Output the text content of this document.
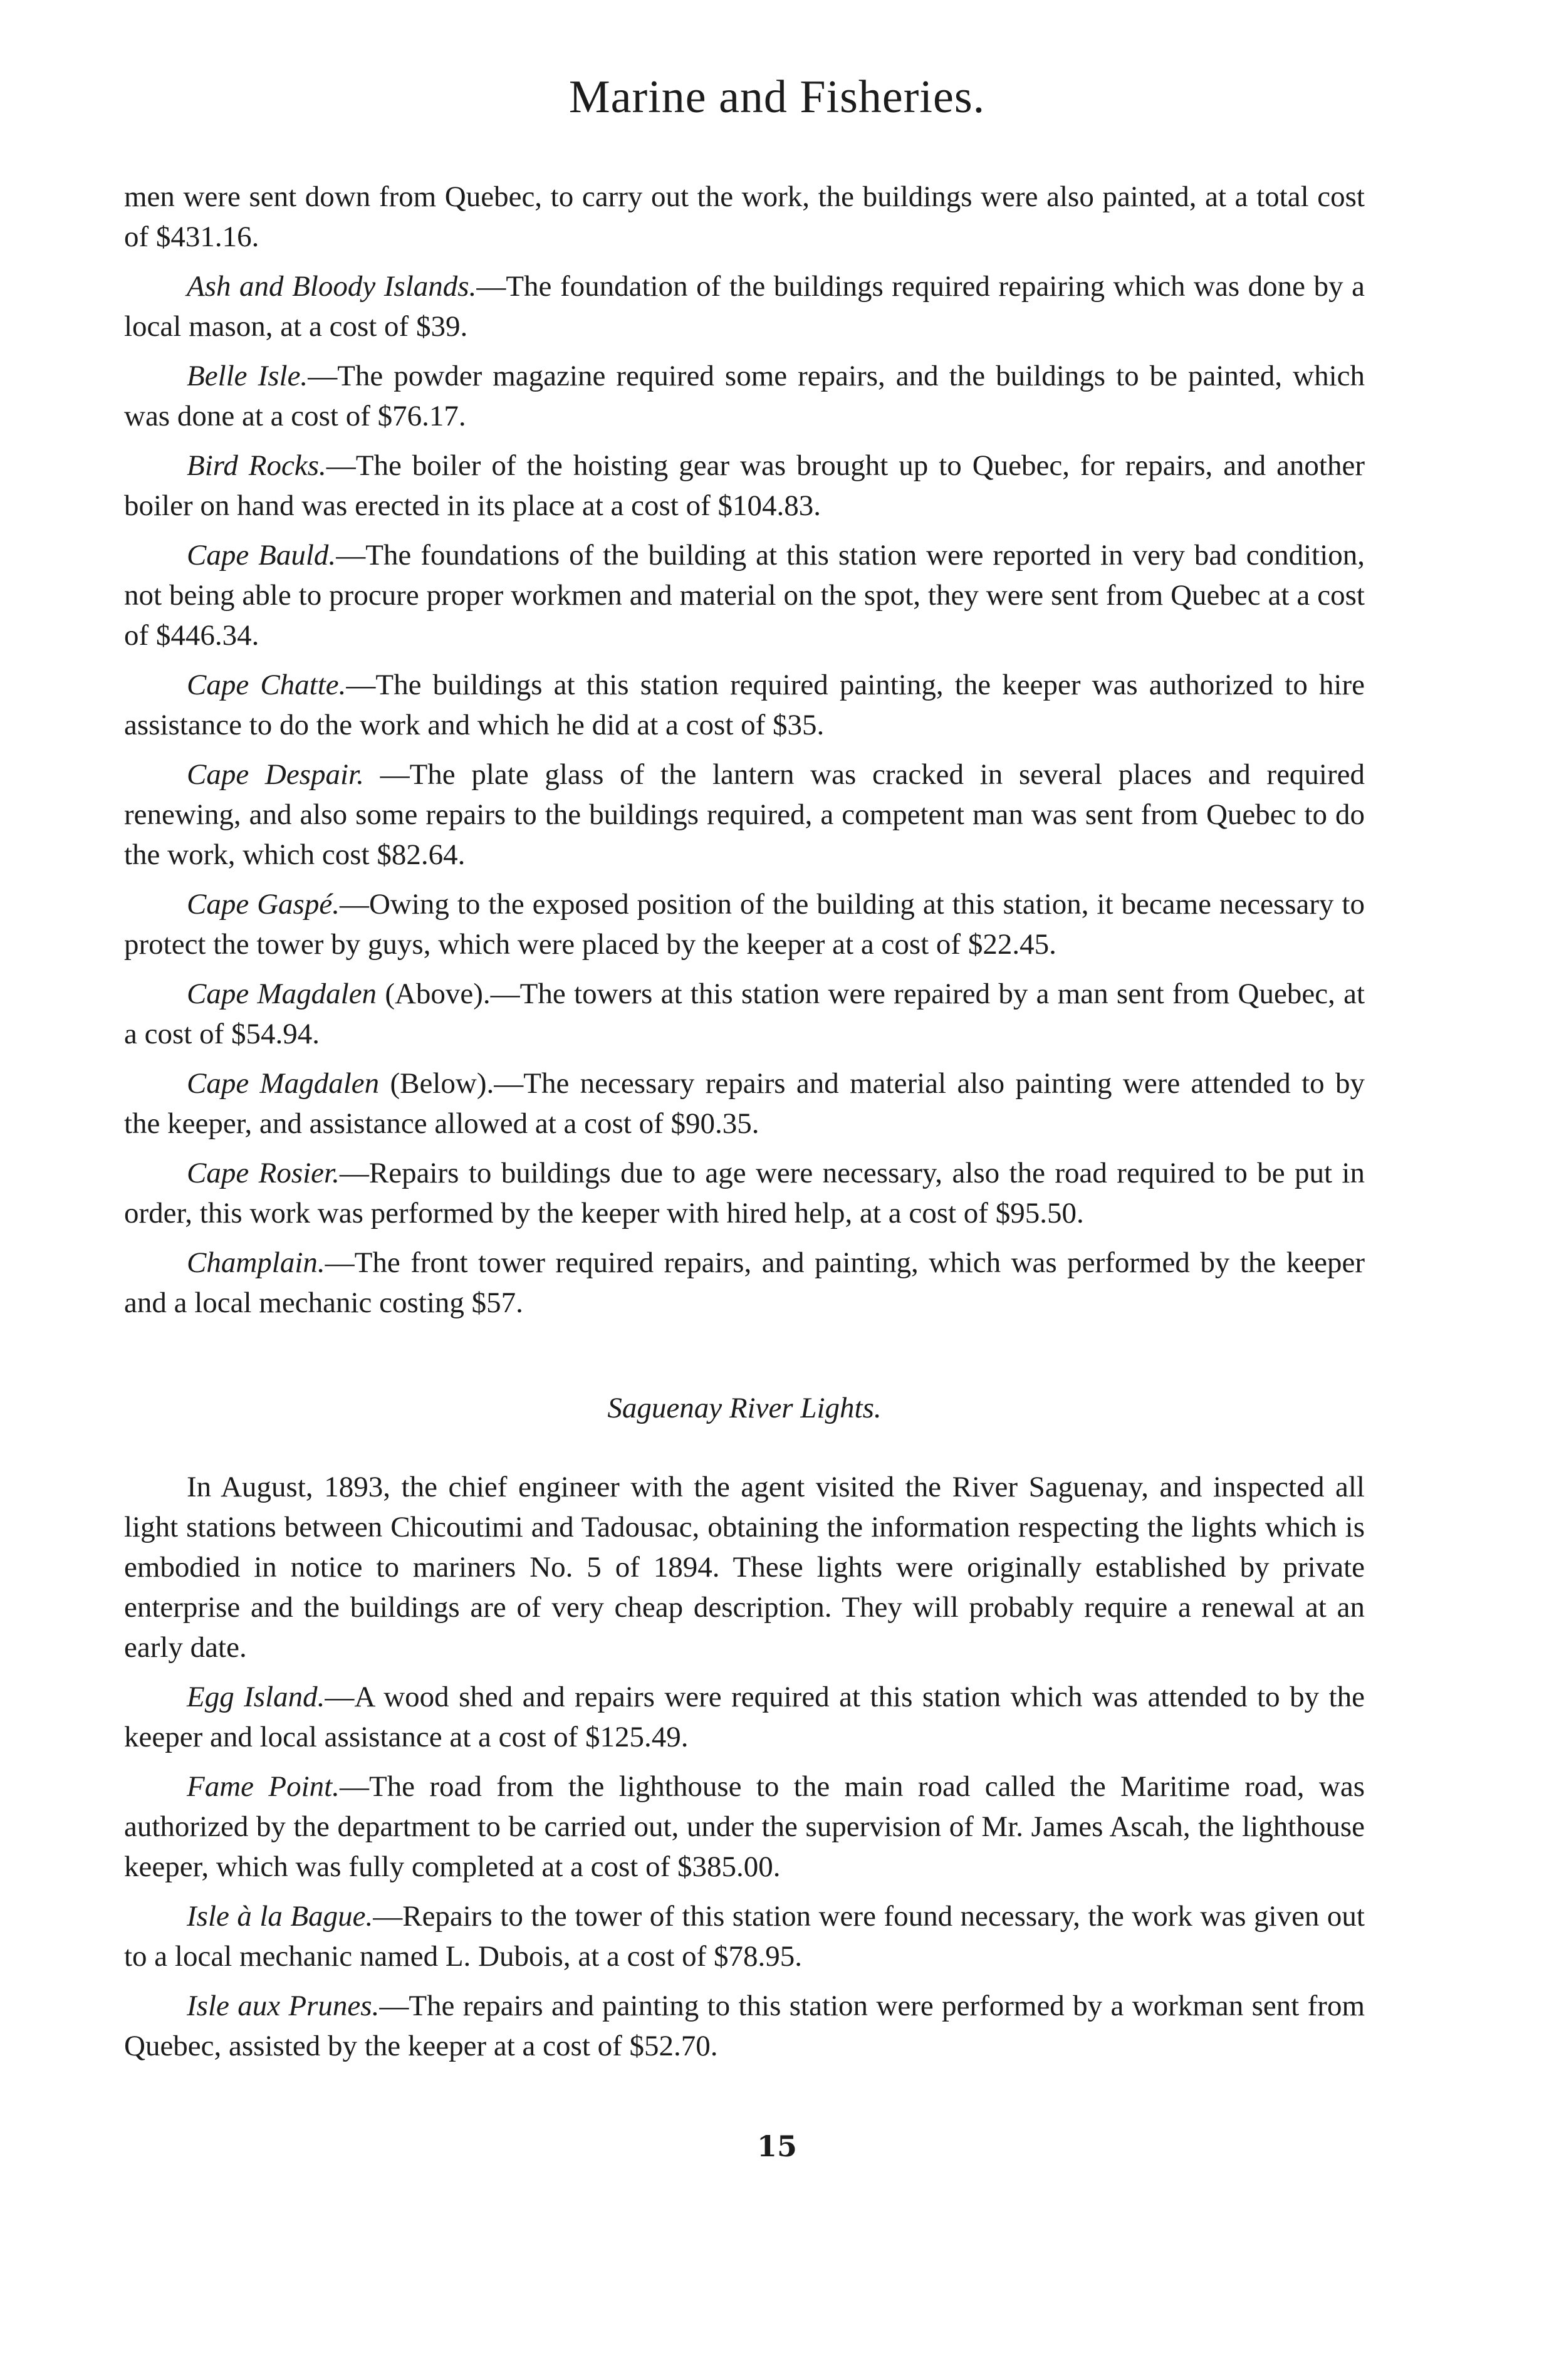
Marine and Fisheries.
men were sent down from Quebec, to carry out the work, the buildings were also painted, at a total cost of $431.16.
Ash and Bloody Islands.—The foundation of the buildings required repairing which was done by a local mason, at a cost of $39.
Belle Isle.—The powder magazine required some repairs, and the buildings to be painted, which was done at a cost of $76.17.
Bird Rocks.—The boiler of the hoisting gear was brought up to Quebec, for repairs, and another boiler on hand was erected in its place at a cost of $104.83.
Cape Bauld.—The foundations of the building at this station were reported in very bad condition, not being able to procure proper workmen and material on the spot, they were sent from Quebec at a cost of $446.34.
Cape Chatte.—The buildings at this station required painting, the keeper was authorized to hire assistance to do the work and which he did at a cost of $35.
Cape Despair. —The plate glass of the lantern was cracked in several places and required renewing, and also some repairs to the buildings required, a competent man was sent from Quebec to do the work, which cost $82.64.
Cape Gaspé.—Owing to the exposed position of the building at this station, it became necessary to protect the tower by guys, which were placed by the keeper at a cost of $22.45.
Cape Magdalen (Above).—The towers at this station were repaired by a man sent from Quebec, at a cost of $54.94.
Cape Magdalen (Below).—The necessary repairs and material also painting were attended to by the keeper, and assistance allowed at a cost of $90.35.
Cape Rosier.—Repairs to buildings due to age were necessary, also the road required to be put in order, this work was performed by the keeper with hired help, at a cost of $95.50.
Champlain.—The front tower required repairs, and painting, which was performed by the keeper and a local mechanic costing $57.
Saguenay River Lights.
In August, 1893, the chief engineer with the agent visited the River Saguenay, and inspected all light stations between Chicoutimi and Tadousac, obtaining the information respecting the lights which is embodied in notice to mariners No. 5 of 1894. These lights were originally established by private enterprise and the buildings are of very cheap description. They will probably require a renewal at an early date.
Egg Island.—A wood shed and repairs were required at this station which was attended to by the keeper and local assistance at a cost of $125.49.
Fame Point.—The road from the lighthouse to the main road called the Maritime road, was authorized by the department to be carried out, under the supervision of Mr. James Ascah, the lighthouse keeper, which was fully completed at a cost of $385.00.
Isle à la Bague.—Repairs to the tower of this station were found necessary, the work was given out to a local mechanic named L. Dubois, at a cost of $78.95.
Isle aux Prunes.—The repairs and painting to this station were performed by a workman sent from Quebec, assisted by the keeper at a cost of $52.70.
15
